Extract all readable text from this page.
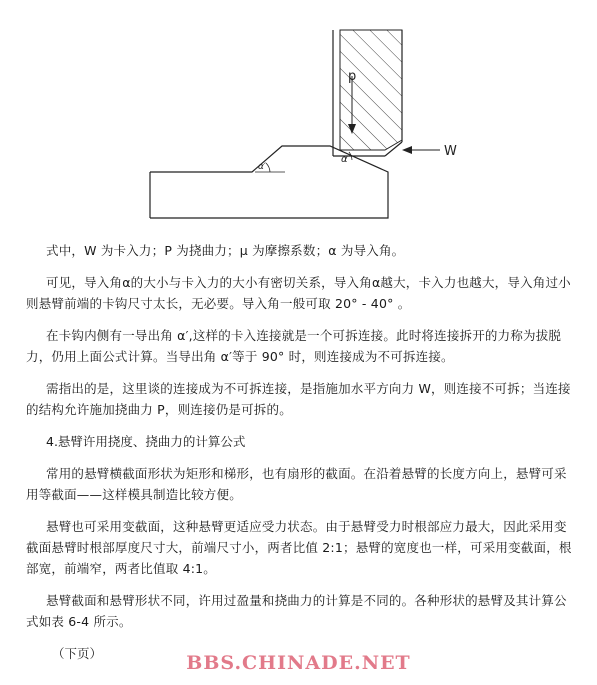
p
W
α
α′

式中，W 为卡入力；P 为挠曲力；μ 为摩擦系数；α 为导入角。

可见，导入角α的大小与卡入力的大小有密切关系，导入角α越大，卡入力也越大，导入角过小则悬臂前端的卡钩尺寸太长，无必要。导入角一般可取 20° - 40° 。

在卡钩内侧有一导出角 α′,这样的卡入连接就是一个可拆连接。此时将连接拆开的力称为拔脱力，仍用上面公式计算。当导出角 α′等于 90° 时，则连接成为不可拆连接。

需指出的是，这里谈的连接成为不可拆连接，是指施加水平方向力 W，则连接不可拆；当连接的结构允许施加挠曲力 P，则连接仍是可拆的。

4.悬臂许用挠度、挠曲力的计算公式

常用的悬臂横截面形状为矩形和梯形，也有扇形的截面。在沿着悬臂的长度方向上，悬臂可采用等截面——这样模具制造比较方便。

悬臂也可采用变截面，这种悬臂更适应受力状态。由于悬臂受力时根部应力最大，因此采用变截面悬臂时根部厚度尺寸大，前端尺寸小，两者比值 2:1；悬臂的宽度也一样，可采用变截面，根部宽，前端窄，两者比值取 4:1。

悬臂截面和悬臂形状不同，许用过盈量和挠曲力的计算是不同的。各种形状的悬臂及其计算公式如表 6-4 所示。

（下页）	BBS.CHINADE.NET
